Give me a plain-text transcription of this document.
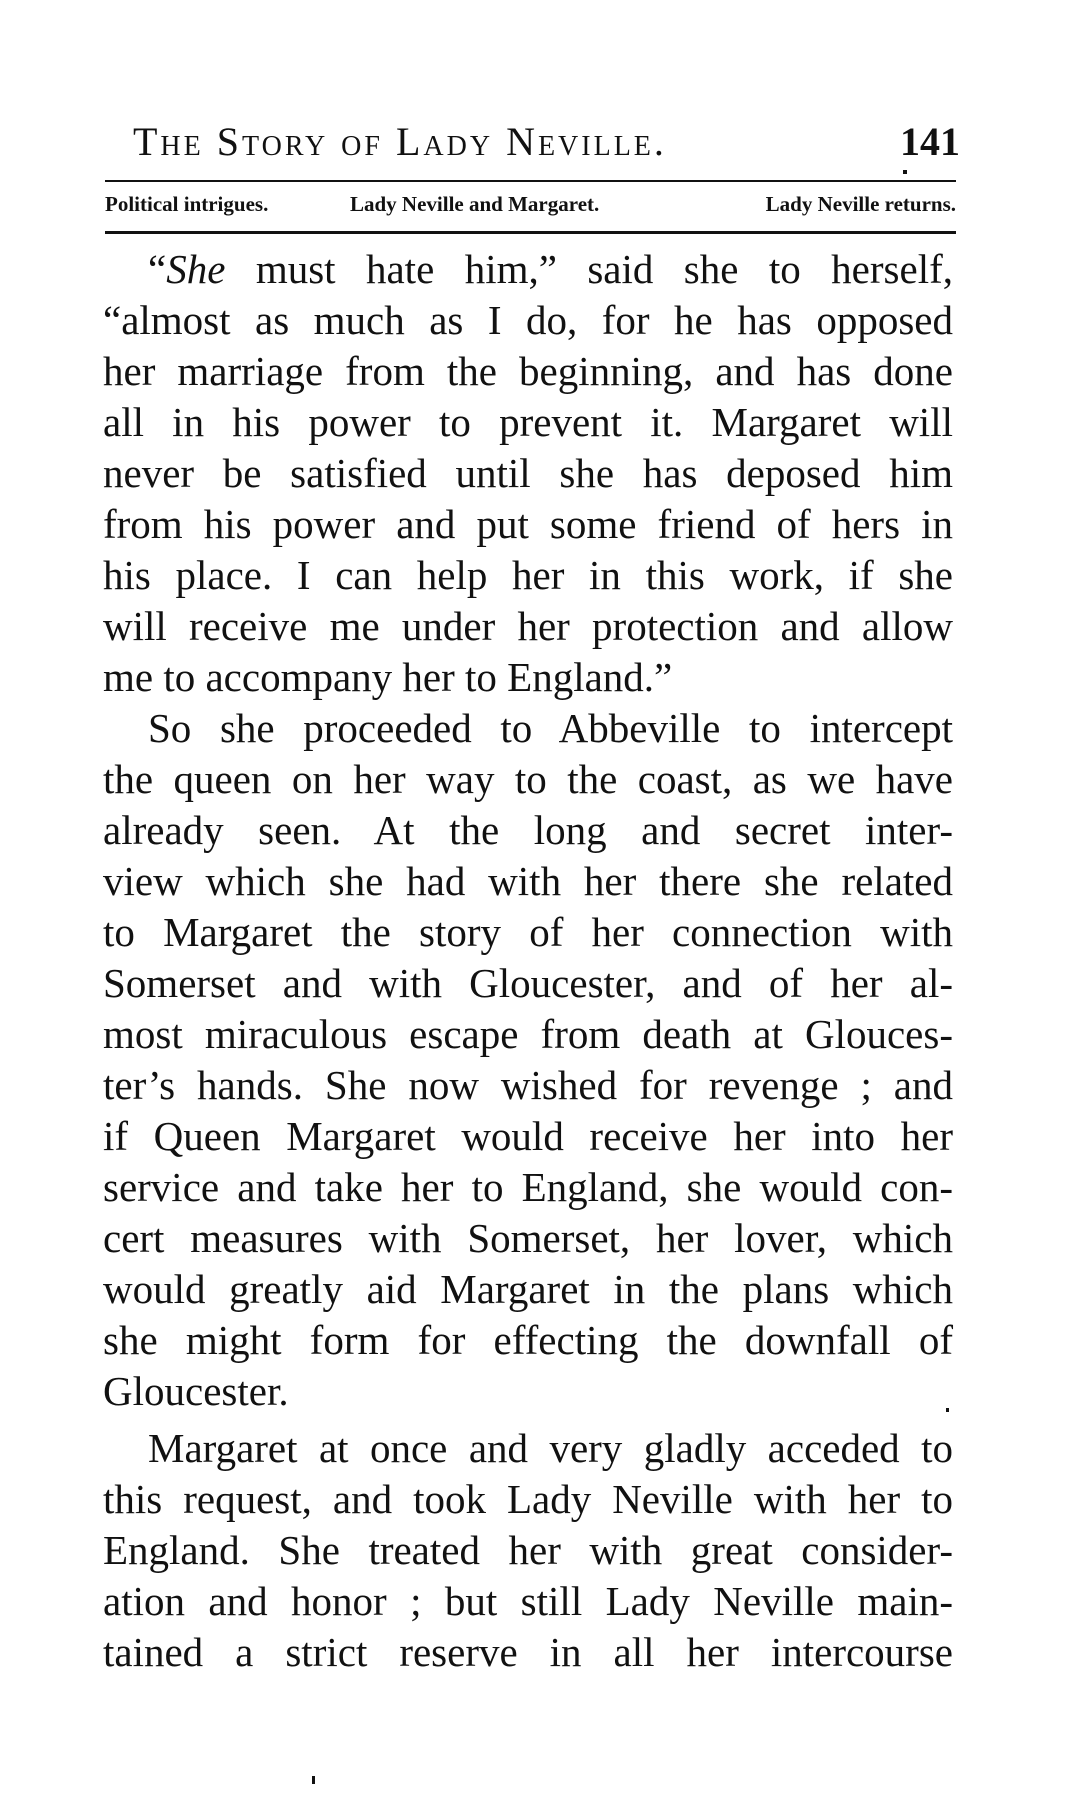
The Story of Lady Neville.	141
Political intrigues.	Lady Neville and Margaret.	Lady Neville returns.
“She must hate him,” said she to herself,
“almost as much as I do, for he has opposed
her marriage from the beginning, and has done
all in his power to prevent it. Margaret will
never be satisfied until she has deposed him
from his power and put some friend of hers in
his place. I can help her in this work, if she
will receive me under her protection and allow
me to accompany her to England.”
So she proceeded to Abbeville to intercept
the queen on her way to the coast, as we have
already seen. At the long and secret inter-
view which she had with her there she related
to Margaret the story of her connection with
Somerset and with Gloucester, and of her al-
most miraculous escape from death at Glouces-
ter’s hands. She now wished for revenge ; and
if Queen Margaret would receive her into her
service and take her to England, she would con-
cert measures with Somerset, her lover, which
would greatly aid Margaret in the plans which
she might form for effecting the downfall of
Gloucester.
Margaret at once and very gladly acceded to
this request, and took Lady Neville with her to
England. She treated her with great consider-
ation and honor ; but still Lady Neville main-
tained a strict reserve in all her intercourse
